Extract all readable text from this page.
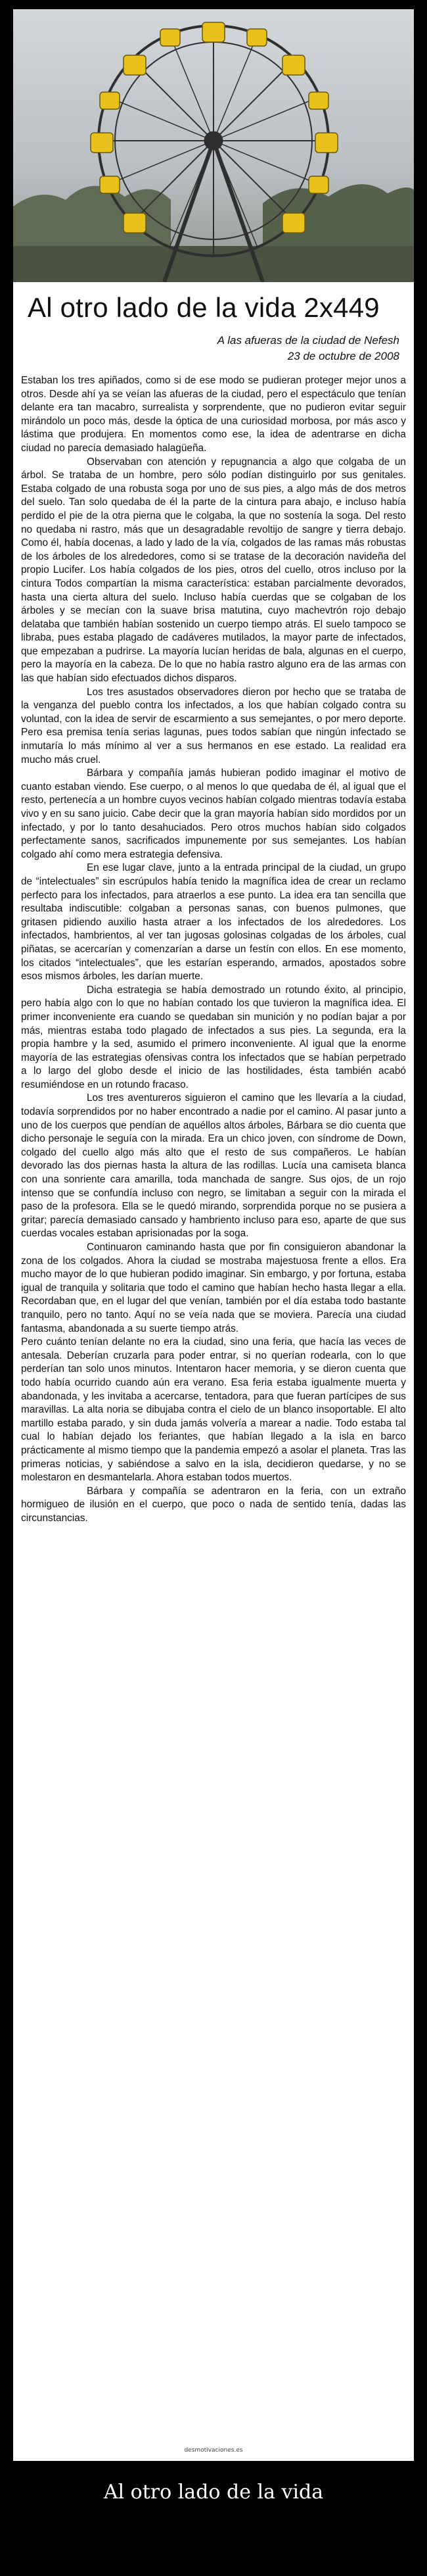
Al otro lado de la vida 2x449
A las afueras de la ciudad de Nefesh
23 de octubre de 2008

Estaban los tres apiñados, como si de ese modo se pudieran proteger mejor unos a otros. Desde ahí ya se veían las afueras de la ciudad, pero el espectáculo que tenían delante era tan macabro, surrealista y sorprendente, que no pudieron evitar seguir mirándolo un poco más, desde la óptica de una curiosidad morbosa, por más asco y lástima que produjera. En momentos como ese, la idea de adentrarse en dicha ciudad no parecía demasiado halagüeña.

Observaban con atención y repugnancia a algo que colgaba de un árbol. Se trataba de un hombre, pero sólo podían distinguirlo por sus genitales. Estaba colgado de una robusta soga por uno de sus pies, a algo más de dos metros del suelo. Tan solo quedaba de él la parte de la cintura para abajo, e incluso había perdido el pie de la otra pierna que le colgaba, la que no sostenía la soga. Del resto no quedaba ni rastro, más que un desagradable revoltijo de sangre y tierra debajo. Como él, había docenas, a lado y lado de la vía, colgados de las ramas más robustas de los árboles de los alrededores, como si se tratase de la decoración navideña del propio Lucifer. Los había colgados de los pies, otros del cuello, otros incluso por la cintura Todos compartían la misma característica: estaban parcialmente devorados, hasta una cierta altura del suelo. Incluso había cuerdas que se colgaban de los árboles y se mecían con la suave brisa matutina, cuyo machevtrón rojo debajo delataba que también habían sostenido un cuerpo tiempo atrás. El suelo tampoco se libraba, pues estaba plagado de cadáveres mutilados, la mayor parte de infectados, que empezaban a pudrirse. La mayoría lucían heridas de bala, algunas en el cuerpo, pero la mayoría en la cabeza. De lo que no había rastro alguno era de las armas con las que habían sido efectuados dichos disparos.

Los tres asustados observadores dieron por hecho que se trataba de la venganza del pueblo contra los infectados, a los que habían colgado contra su voluntad, con la idea de servir de escarmiento a sus semejantes, o por mero deporte. Pero esa premisa tenía serias lagunas, pues todos sabían que ningún infectado se inmutaría lo más mínimo al ver a sus hermanos en ese estado. La realidad era mucho más cruel.

Bárbara y compañía jamás hubieran podido imaginar el motivo de cuanto estaban viendo. Ese cuerpo, o al menos lo que quedaba de él, al igual que el resto, pertenecía a un hombre cuyos vecinos habían colgado mientras todavía estaba vivo y en su sano juicio. Cabe decir que la gran mayoría habían sido mordidos por un infectado, y por lo tanto desahuciados. Pero otros muchos habían sido colgados perfectamente sanos, sacrificados impunemente por sus semejantes. Los habían colgado ahí como mera estrategia defensiva.

En ese lugar clave, junto a la entrada principal de la ciudad, un grupo de “intelectuales” sin escrúpulos había tenido la magnífica idea de crear un reclamo perfecto para los infectados, para atraerlos a ese punto. La idea era tan sencilla que resultaba indiscutible: colgaban a personas sanas, con buenos pulmones, que gritasen pidiendo auxilio hasta atraer a los infectados de los alrededores. Los infectados, hambrientos, al ver tan jugosas golosinas colgadas de los árboles, cual piñatas, se acercarían y comenzarían a darse un festín con ellos. En ese momento, los citados “intelectuales”, que les estarían esperando, armados, apostados sobre esos mismos árboles, les darían muerte.

Dicha estrategia se había demostrado un rotundo éxito, al principio, pero había algo con lo que no habían contado los que tuvieron la magnífica idea. El primer inconveniente era cuando se quedaban sin munición y no podían bajar a por más, mientras estaba todo plagado de infectados a sus pies. La segunda, era la propia hambre y la sed, asumido el primero inconveniente. Al igual que la enorme mayoría de las estrategias ofensivas contra los infectados que se habían perpetrado a lo largo del globo desde el inicio de las hostilidades, ésta también acabó resumiéndose en un rotundo fracaso.

Los tres aventureros siguieron el camino que les llevaría a la ciudad, todavía sorprendidos por no haber encontrado a nadie por el camino. Al pasar junto a uno de los cuerpos que pendían de aquéllos altos árboles, Bárbara se dio cuenta que dicho personaje le seguía con la mirada. Era un chico joven, con síndrome de Down, colgado del cuello algo más alto que el resto de sus compañeros. Le habían devorado las dos piernas hasta la altura de las rodillas. Lucía una camiseta blanca con una sonriente cara amarilla, toda manchada de sangre. Sus ojos, de un rojo intenso que se confundía incluso con negro, se limitaban a seguir con la mirada el paso de la profesora. Ella se le quedó mirando, sorprendida porque no se pusiera a gritar; parecía demasiado cansado y hambriento incluso para eso, aparte de que sus cuerdas vocales estaban aprisionadas por la soga.

Continuaron caminando hasta que por fin consiguieron abandonar la zona de los colgados. Ahora la ciudad se mostraba majestuosa frente a ellos. Era mucho mayor de lo que hubieran podido imaginar. Sin embargo, y por fortuna, estaba igual de tranquila y solitaria que todo el camino que habían hecho hasta llegar a ella. Recordaban que, en el lugar del que venían, también por el día estaba todo bastante tranquilo, pero no tanto. Aquí no se veía nada que se moviera. Parecía una ciudad fantasma, abandonada a su suerte tiempo atrás.

Pero cuánto tenían delante no era la ciudad, sino una feria, que hacía las veces de antesala. Deberían cruzarla para poder entrar, si no querían rodearla, con lo que perderían tan solo unos minutos. Intentaron hacer memoria, y se dieron cuenta que todo había ocurrido cuando aún era verano. Esa feria estaba igualmente muerta y abandonada, y les invitaba a acercarse, tentadora, para que fueran partícipes de sus maravillas. La alta noria se dibujaba contra el cielo de un blanco insoportable. El alto martillo estaba parado, y sin duda jamás volvería a marear a nadie. Todo estaba tal cual lo habían dejado los feriantes, que habían llegado a la isla en barco prácticamente al mismo tiempo que la pandemia empezó a asolar el planeta. Tras las primeras noticias, y sabiéndose a salvo en la isla, decidieron quedarse, y no se molestaron en desmantelarla. Ahora estaban todos muertos.

Bárbara y compañía se adentraron en la feria, con un extraño hormigueo de ilusión en el cuerpo, que poco o nada de sentido tenía, dadas las circunstancias.

desmotivaciones.es
Al otro lado de la vida
